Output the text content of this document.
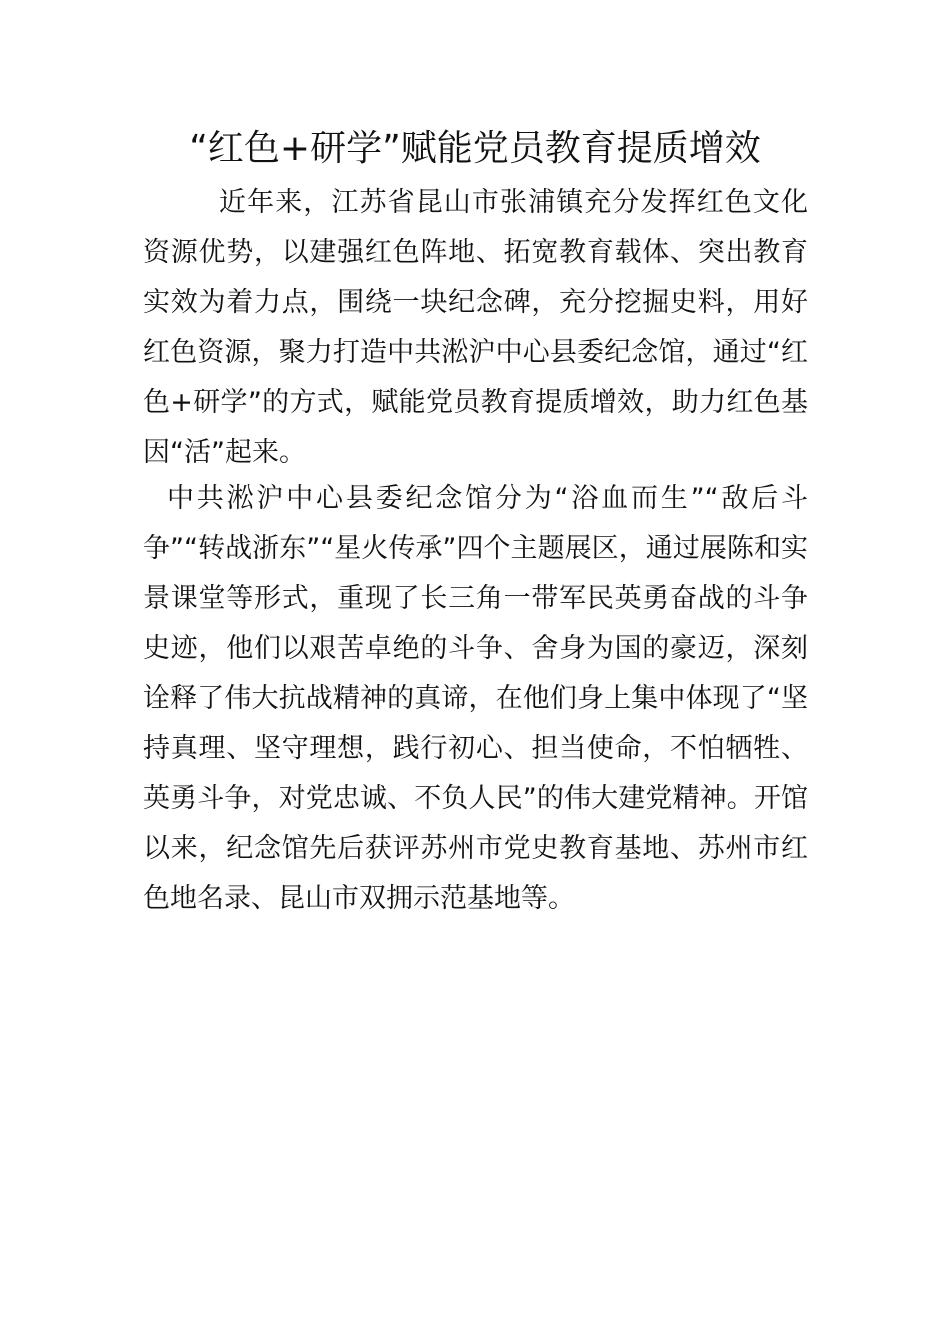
“红色+研学”赋能党员教育提质增效

近年来，江苏省昆山市张浦镇充分发挥红色文化资源优势，以建强红色阵地、拓宽教育载体、突出教育实效为着力点，围绕一块纪念碑，充分挖掘史料，用好红色资源，聚力打造中共淞沪中心县委纪念馆，通过“红色+研学”的方式，赋能党员教育提质增效，助力红色基因“活”起来。

中共淞沪中心县委纪念馆分为“浴血而生”“敌后斗争”“转战浙东”“星火传承”四个主题展区，通过展陈和实景课堂等形式，重现了长三角一带军民英勇奋战的斗争史迹，他们以艰苦卓绝的斗争、舍身为国的豪迈，深刻诠释了伟大抗战精神的真谛，在他们身上集中体现了“坚持真理、坚守理想，践行初心、担当使命，不怕牺牲、英勇斗争，对党忠诚、不负人民”的伟大建党精神。开馆以来，纪念馆先后获评苏州市党史教育基地、苏州市红色地名录、昆山市双拥示范基地等。
